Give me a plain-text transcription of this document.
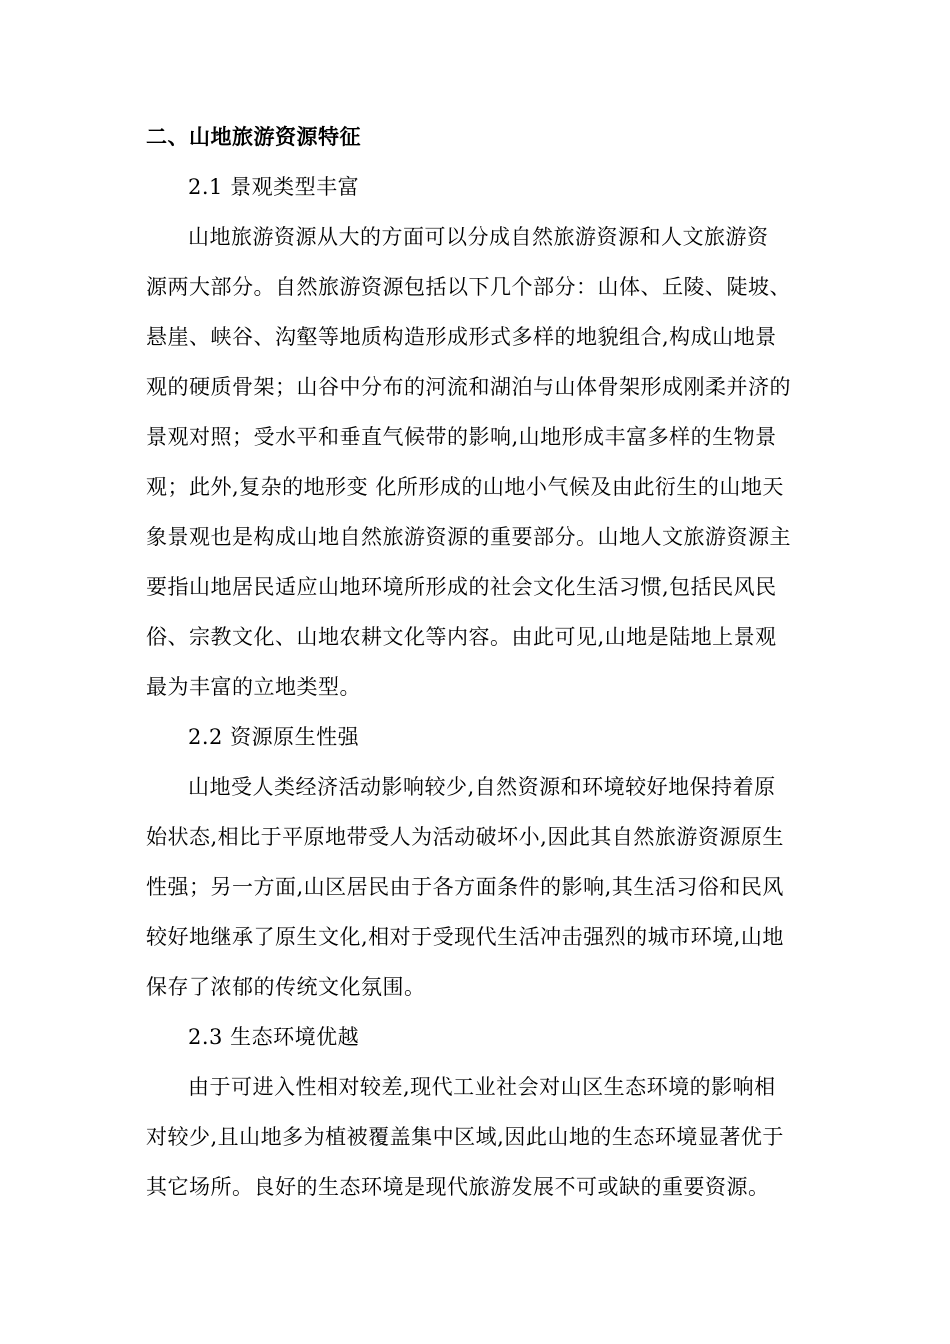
二、山地旅游资源特征
2.1 景观类型丰富
山地旅游资源从大的方面可以分成自然旅游资源和人文旅游资
源两大部分。自然旅游资源包括以下几个部分：山体、丘陵、陡坡、
悬崖、峡谷、沟壑等地质构造形成形式多样的地貌组合,构成山地景
观的硬质骨架；山谷中分布的河流和湖泊与山体骨架形成刚柔并济的
景观对照；受水平和垂直气候带的影响,山地形成丰富多样的生物景
观；此外,复杂的地形变 化所形成的山地小气候及由此衍生的山地天
象景观也是构成山地自然旅游资源的重要部分。山地人文旅游资源主
要指山地居民适应山地环境所形成的社会文化生活习惯,包括民风民
俗、宗教文化、山地农耕文化等内容。由此可见,山地是陆地上景观
最为丰富的立地类型。
2.2 资源原生性强
山地受人类经济活动影响较少,自然资源和环境较好地保持着原
始状态,相比于平原地带受人为活动破坏小,因此其自然旅游资源原生
性强；另一方面,山区居民由于各方面条件的影响,其生活习俗和民风
较好地继承了原生文化,相对于受现代生活冲击强烈的城市环境,山地
保存了浓郁的传统文化氛围。
2.3 生态环境优越
由于可进入性相对较差,现代工业社会对山区生态环境的影响相
对较少,且山地多为植被覆盖集中区域,因此山地的生态环境显著优于
其它场所。良好的生态环境是现代旅游发展不可或缺的重要资源。
